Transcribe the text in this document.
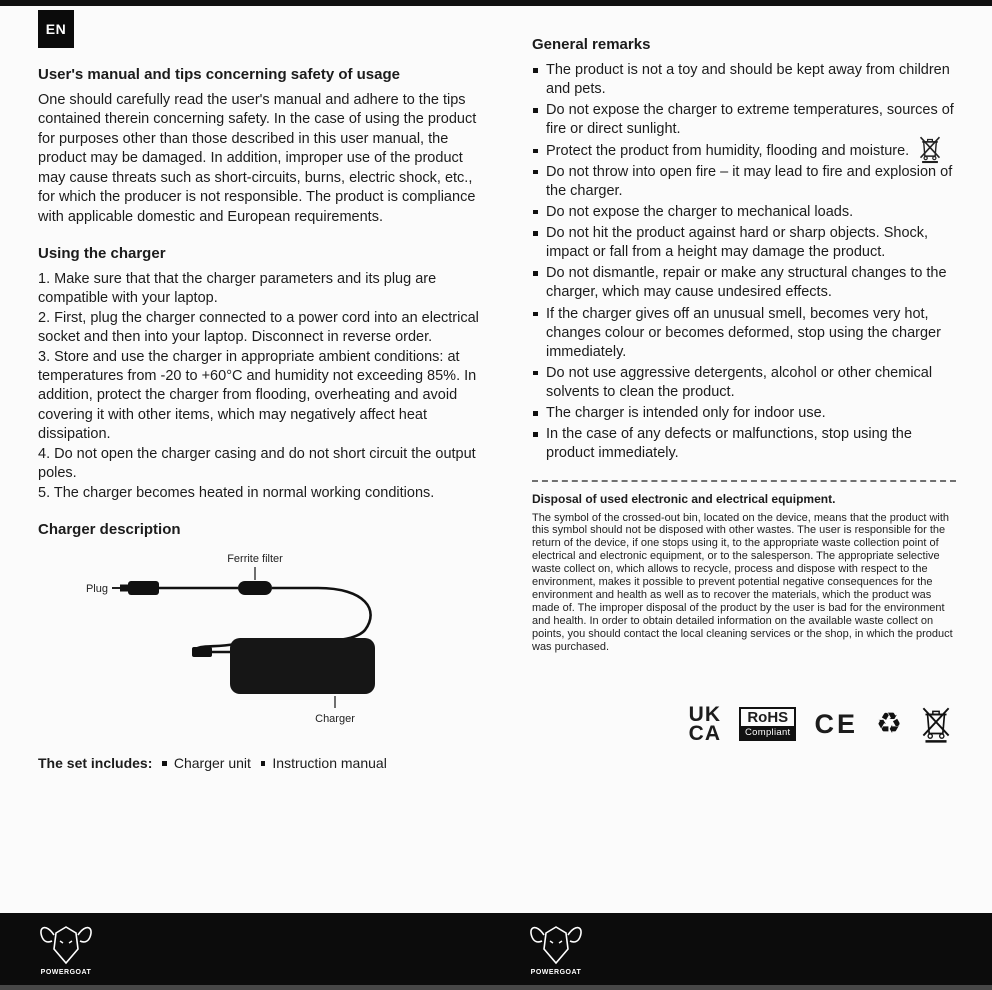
EN
User's manual and tips concerning safety of usage

One should carefully read the user's manual and adhere to the tips contained therein concerning safety. In the case of using the product for purposes other than those described in this user manual, the product may be damaged. In addition, improper use of the product may cause threats such as short-circuits, burns, electric shock, etc., for which the producer is not responsible. The product is compliance with applicable domestic and European requirements.

Using the charger
1. Make sure that that the charger parameters and its plug are compatible with your laptop.
2. First, plug the charger connected to a power cord into an electrical socket and then into your laptop. Disconnect in reverse order.
3. Store and use the charger in appropriate ambient conditions: at temperatures from -20 to +60°C and humidity not exceeding 85%. In addition, protect the charger from flooding, overheating and avoid covering it with other items, which may negatively affect heat dissipation.
4. Do not open the charger casing and do not short circuit the output poles.
5. The charger becomes heated in normal working conditions.
Charger description
Ferrite filter
Plug
Charger
The set includes: Charger unit Instruction manual
General remarks
The product is not a toy and should be kept away from children and pets.
Do not expose the charger to extreme temperatures, sources of fire or direct sunlight.
Protect the product from humidity, flooding and moisture.
Do not throw into open fire – it may lead to fire and explosion of the charger.
Do not expose the charger to mechanical loads.
Do not hit the product against hard or sharp objects. Shock, impact or fall from a height may damage the product.
Do not dismantle, repair or make any structural changes to the charger, which may cause undesired effects.
If the charger gives off an unusual smell, becomes very hot, changes colour or becomes deformed, stop using the charger immediately.
Do not use aggressive detergents, alcohol or other chemical solvents to clean the product.
The charger is intended only for indoor use.
In the case of any defects or malfunctions, stop using the product immediately.
Disposal of used electronic and electrical equipment.

The symbol of the crossed-out bin, located on the device, means that the product with this symbol should not be disposed with other wastes. The user is responsible for the return of the device, if one stops using it, to the appropriate waste collection point of electrical and electronic equipment, or to the salesperson. The appropriate selective waste collect on, which allows to recycle, process and dispose with respect to the environment, makes it possible to prevent potential negative consequences for the environment and health as well as to recover the materials, which the product was made of. The improper disposal of the product by the user is bad for the environment and health. In order to obtain detailed information on the available waste collect on points, you should contact the local cleaning services or the shop, in which the product was purchased.

UK
CA
RoHS
Compliant CE ♻
POWERGOAT	POWERGOAT
